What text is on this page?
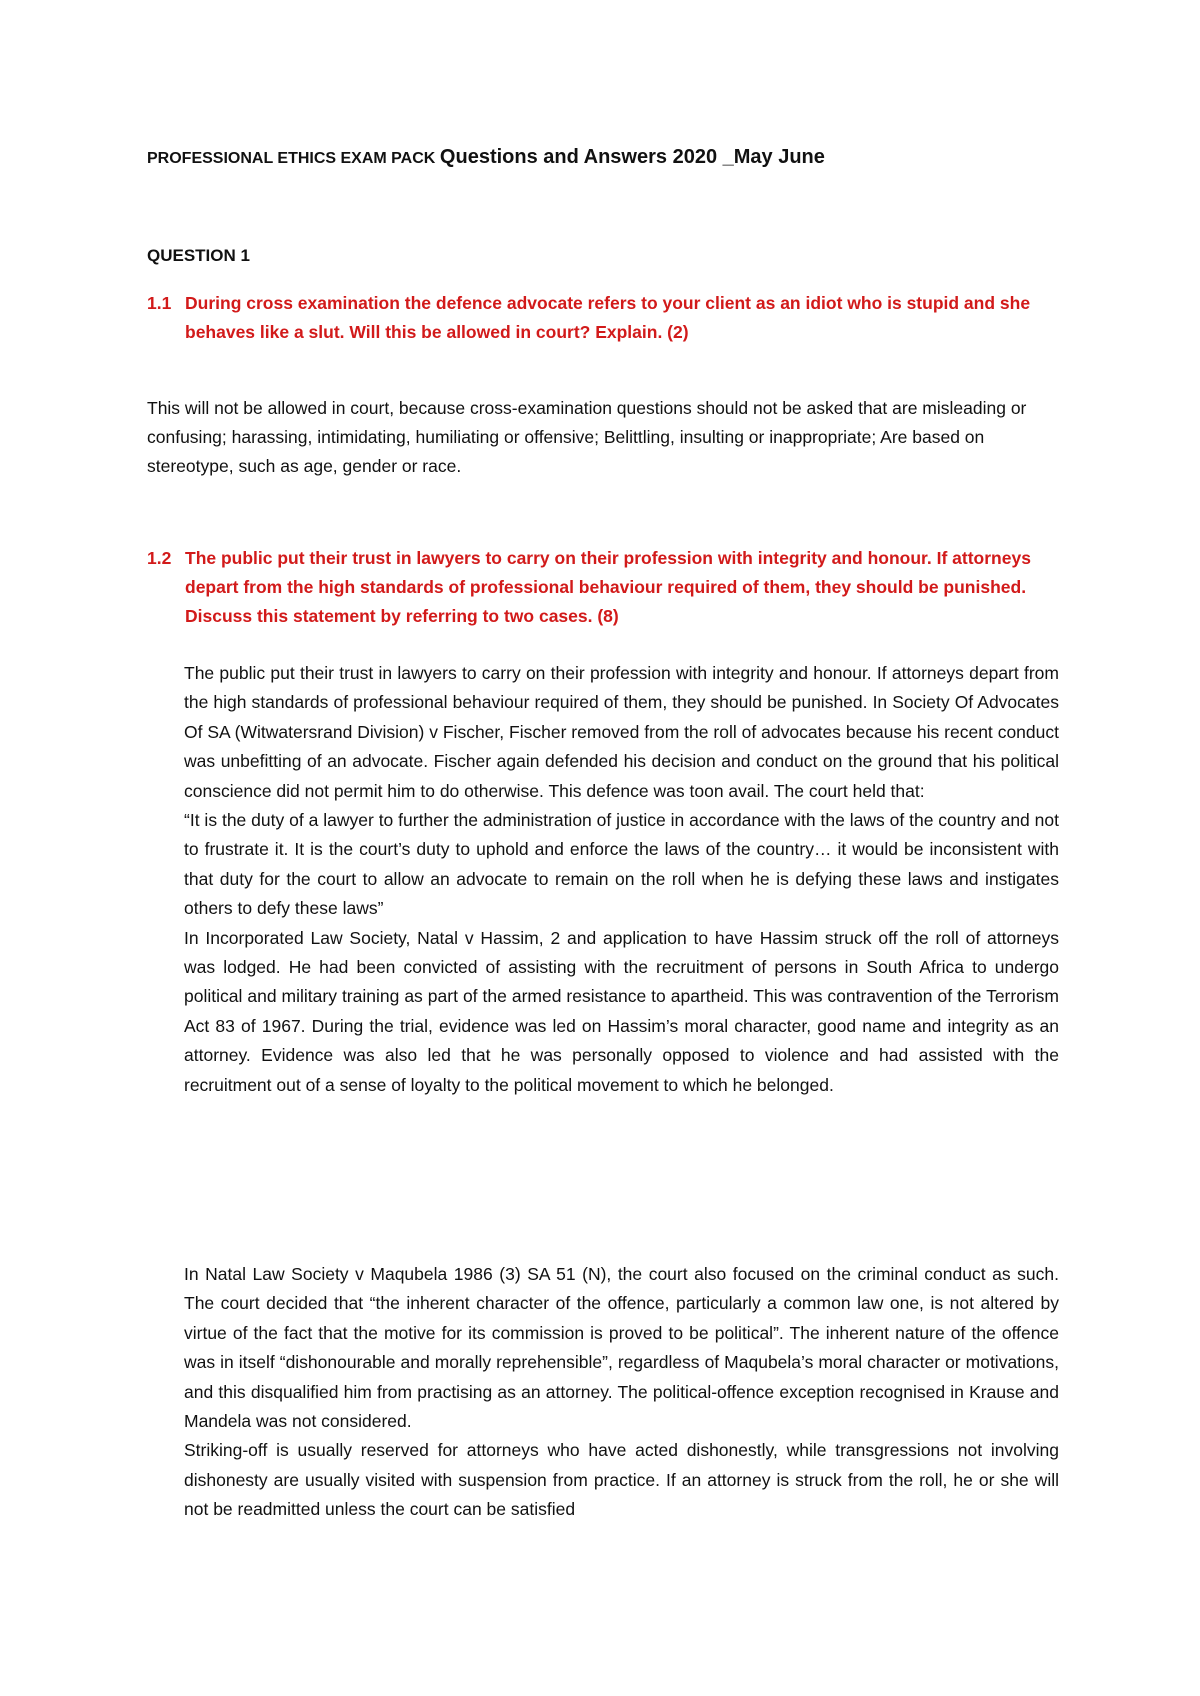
PROFESSIONAL ETHICS EXAM PACK Questions and Answers 2020 _May June
QUESTION 1
1.1 During cross examination the defence advocate refers to your client as an idiot who is stupid and she behaves like a slut. Will this be allowed in court? Explain. (2)
This will not be allowed in court, because cross-examination questions should not be asked that are misleading or confusing; harassing, intimidating, humiliating or offensive; Belittling, insulting or inappropriate; Are based on stereotype, such as age, gender or race.
1.2 The public put their trust in lawyers to carry on their profession with integrity and honour. If attorneys depart from the high standards of professional behaviour required of them, they should be punished. Discuss this statement by referring to two cases. (8)

The public put their trust in lawyers to carry on their profession with integrity and honour. If attorneys depart from the high standards of professional behaviour required of them, they should be punished. In Society Of Advocates Of SA (Witwatersrand Division) v Fischer, Fischer removed from the roll of advocates because his recent conduct was unbefitting of an advocate. Fischer again defended his decision and conduct on the ground that his political conscience did not permit him to do otherwise. This defence was toon avail. The court held that:

“It is the duty of a lawyer to further the administration of justice in accordance with the laws of the country and not to frustrate it. It is the court’s duty to uphold and enforce the laws of the country… it would be inconsistent with that duty for the court to allow an advocate to remain on the roll when he is defying these laws and instigates others to defy these laws”

In Incorporated Law Society, Natal v Hassim, 2 and application to have Hassim struck off the roll of attorneys was lodged. He had been convicted of assisting with the recruitment of persons in South Africa to undergo political and military training as part of the armed resistance to apartheid. This was contravention of the Terrorism Act 83 of 1967. During the trial, evidence was led on Hassim’s moral character, good name and integrity as an attorney. Evidence was also led that he was personally opposed to violence and had assisted with the recruitment out of a sense of loyalty to the political movement to which he belonged.

In Natal Law Society v Maqubela 1986 (3) SA 51 (N), the court also focused on the criminal conduct as such. The court decided that “the inherent character of the offence, particularly a common law one, is not altered by virtue of the fact that the motive for its commission is proved to be political”. The inherent nature of the offence was in itself “dishonourable and morally reprehensible”, regardless of Maqubela’s moral character or motivations, and this disqualified him from practising as an attorney. The political-offence exception recognised in Krause and Mandela was not considered.

Striking-off is usually reserved for attorneys who have acted dishonestly, while transgressions not involving dishonesty are usually visited with suspension from practice. If an attorney is struck from the roll, he or she will not be readmitted unless the court can be satisfied
